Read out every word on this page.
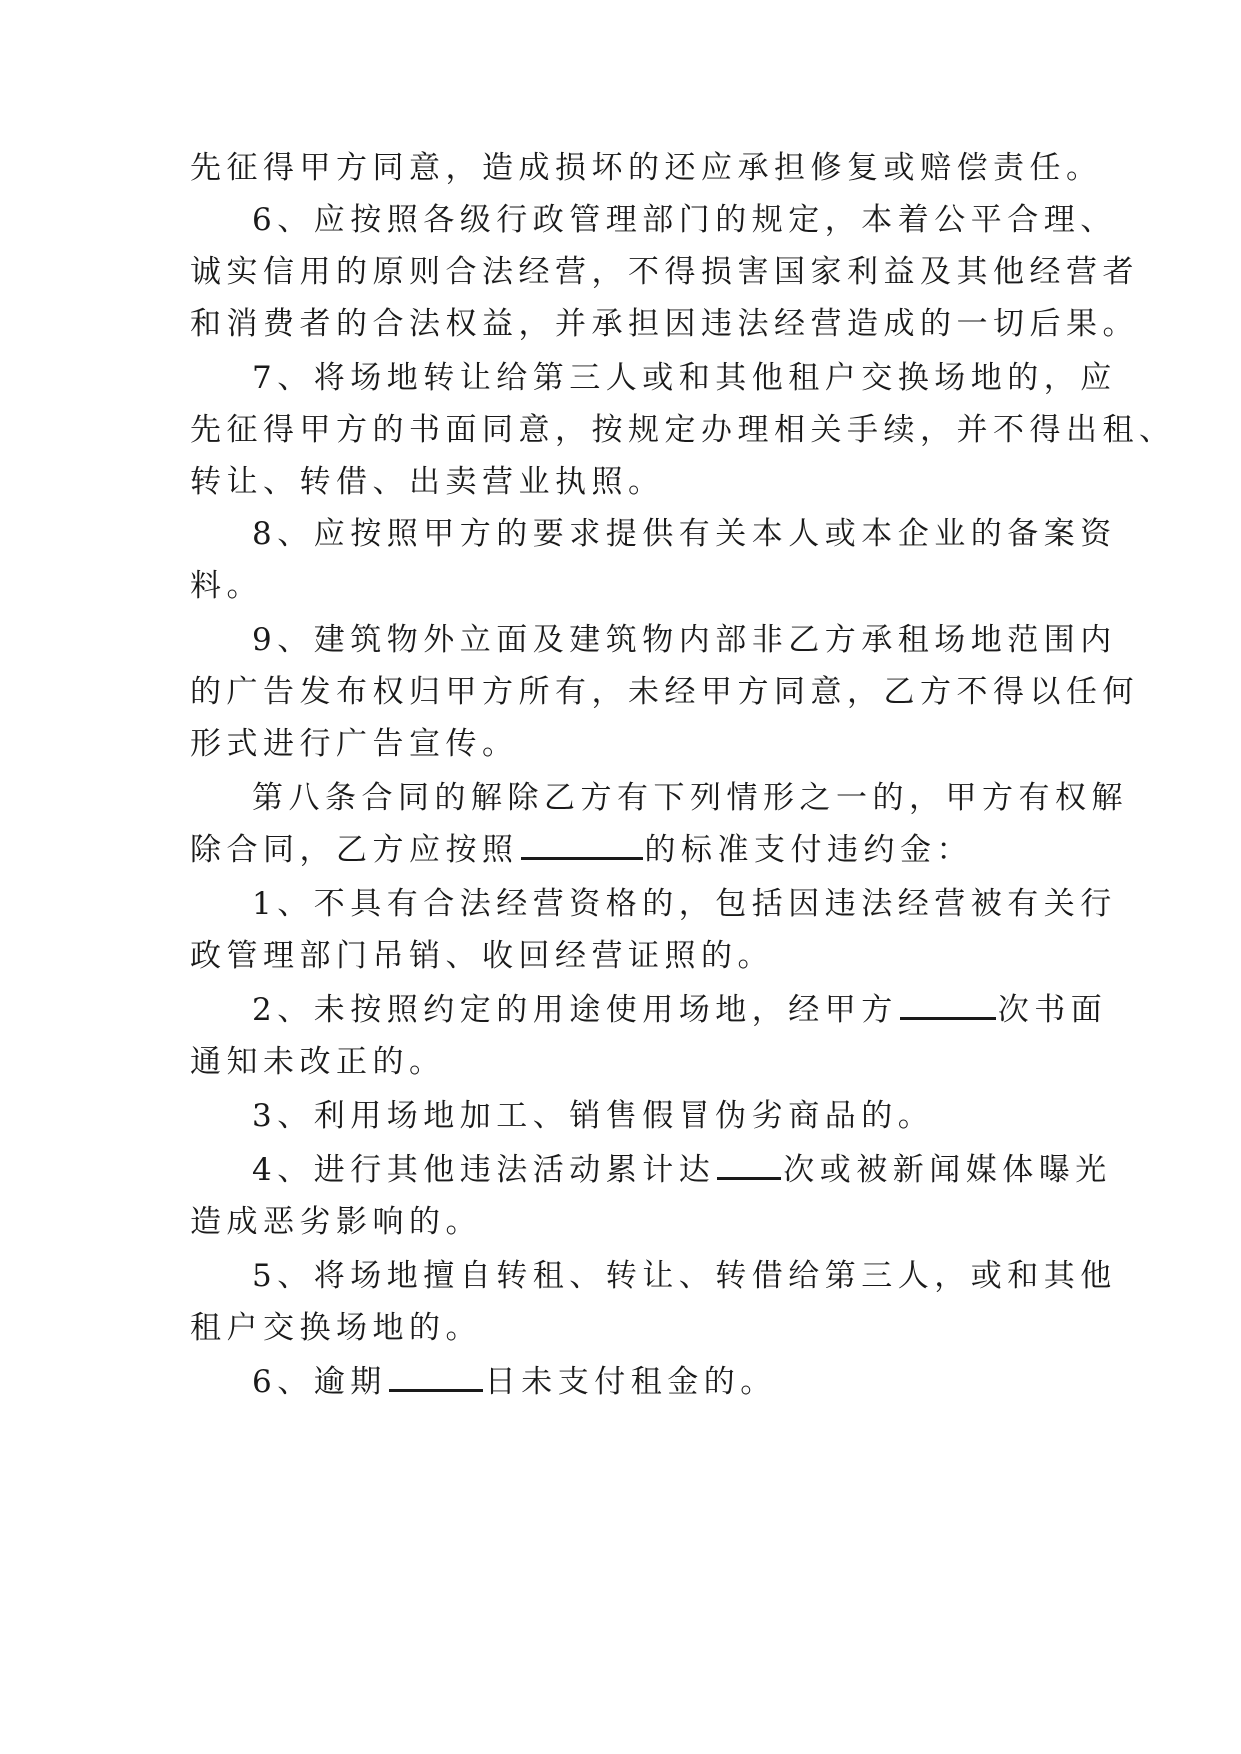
先征得甲方同意，造成损坏的还应承担修复或赔偿责任。
6、应按照各级行政管理部门的规定，本着公平合理、
诚实信用的原则合法经营，不得损害国家利益及其他经营者
和消费者的合法权益，并承担因违法经营造成的一切后果。
7、将场地转让给第三人或和其他租户交换场地的，应
先征得甲方的书面同意，按规定办理相关手续，并不得出租、
转让、转借、出卖营业执照。
8、应按照甲方的要求提供有关本人或本企业的备案资
料。
9、建筑物外立面及建筑物内部非乙方承租场地范围内
的广告发布权归甲方所有，未经甲方同意，乙方不得以任何
形式进行广告宣传。
第八条合同的解除乙方有下列情形之一的，甲方有权解
除合同，乙方应按照	的标准支付违约金：
1、不具有合法经营资格的，包括因违法经营被有关行
政管理部门吊销、收回经营证照的。
2、未按照约定的用途使用场地，经甲方	次书面
通知未改正的。
3、利用场地加工、销售假冒伪劣商品的。
4、进行其他违法活动累计达 次或被新闻媒体曝光
造成恶劣影响的。
5、将场地擅自转租、转让、转借给第三人，或和其他
租户交换场地的。
6、逾期	日未支付租金的。
